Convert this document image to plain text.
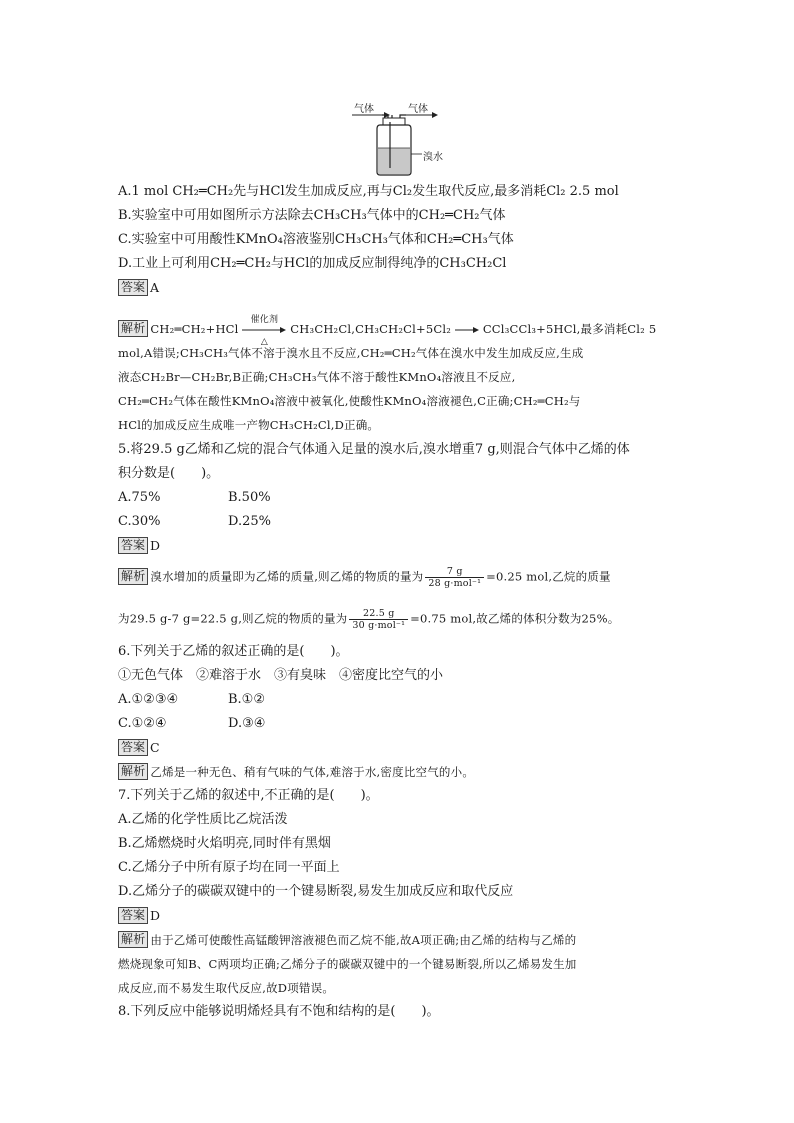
气体	气体
溴水
A.1 mol CH₂═CH₂先与HCl发生加成反应,再与Cl₂发生取代反应,最多消耗Cl₂ 2.5 mol
B.实验室中可用如图所示方法除去CH₃CH₃气体中的CH₂═CH₂气体
C.实验室中可用酸性KMnO₄溶液鉴别CH₃CH₃气体和CH₂═CH₃气体
D.工业上可利用CH₂═CH₂与HCl的加成反应制得纯净的CH₃CH₂Cl
答案 A
解析 CH₂═CH₂+HCl
催化剂
△
CH₃CH₂Cl,CH₃CH₂Cl+5Cl₂ → CCl₃CCl₃+5HCl,最多消耗Cl₂ 5
mol,A错误;CH₃CH₃气体不溶于溴水且不反应,CH₂═CH₂气体在溴水中发生加成反应,生成
液态CH₂Br—CH₂Br,B正确;CH₃CH₃气体不溶于酸性KMnO₄溶液且不反应,
CH₂═CH₂气体在酸性KMnO₄溶液中被氧化,使酸性KMnO₄溶液褪色,C正确;CH₂═CH₂与
HCl的加成反应生成唯一产物CH₃CH₂Cl,D正确。
5.将29.5 g乙烯和乙烷的混合气体通入足量的溴水后,溴水增重7 g,则混合气体中乙烯的体
积分数是(　　)。
A.75%	B.50%
C.30%	D.25%
答案 D
解析 溴水增加的质量即为乙烯的质量,则乙烯的物质的量为 $\frac{7 g}{\text{28 g·mol⁻¹}} =0.25$ mol,乙烷的质量
为29.5 g-7 g=22.5 g,则乙烷的物质的量为 $\frac{22.5 g}{\text{30 g·mol⁻¹}} =0.75$ mol,故乙烯的体积分数为25%。
6.下列关于乙烯的叙述正确的是(　　)。
①无色气体　②难溶于水　③有臭味　④密度比空气的小
A.①②③④	B.①②
C.①②④	D.③④
答案 C
解析 乙烯是一种无色、稍有气味的气体,难溶于水,密度比空气的小。
7.下列关于乙烯的叙述中,不正确的是(　　)。
A.乙烯的化学性质比乙烷活泼
B.乙烯燃烧时火焰明亮,同时伴有黑烟
C.乙烯分子中所有原子均在同一平面上
D.乙烯分子的碳碳双键中的一个键易断裂,易发生加成反应和取代反应
答案 D
解析 由于乙烯可使酸性高锰酸钾溶液褪色而乙烷不能,故A项正确;由乙烯的结构与乙烯的
燃烧现象可知B、C两项均正确;乙烯分子的碳碳双键中的一个键易断裂,所以乙烯易发生加
成反应,而不易发生取代反应,故D项错误。
8.下列反应中能够说明烯烃具有不饱和结构的是(　　)。
